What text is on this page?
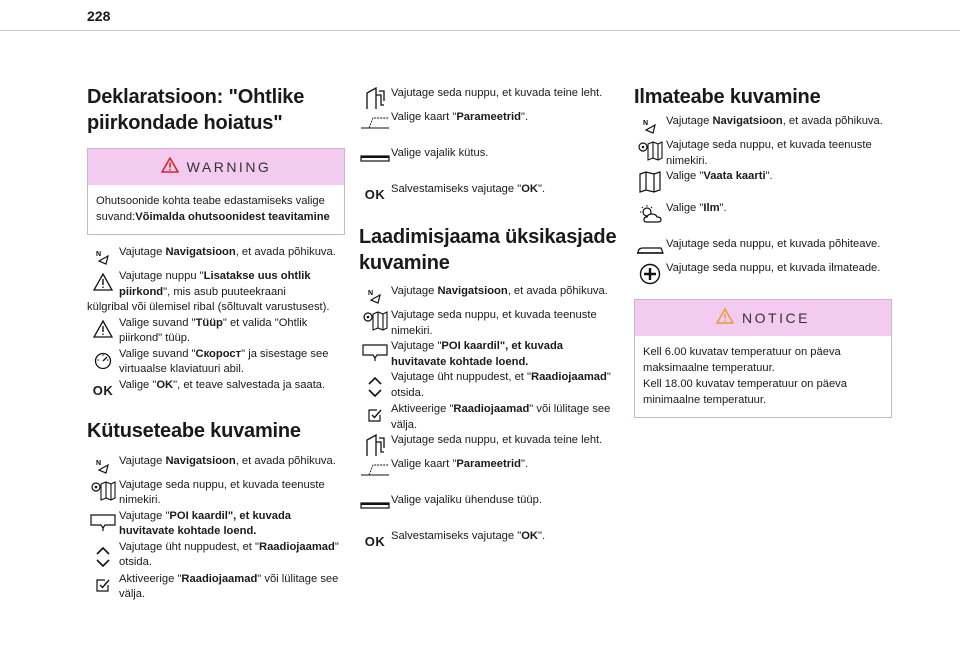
228
Deklaratsioon: "Ohtlike piirkondade hoiatus"
WARNING
Ohutsoonide kohta teabe edastamiseks valige suvand:Võimalda ohutsoonidest teavitamine
N Vajutage Navigatsioon, et avada põhikuva.
Vajutage nuppu "Lisatakse uus ohtlik piirkond", mis asub puuteekraani
külgribal või ülemisel ribal (sõltuvalt varustusest).
Valige suvand "Tüüp" et valida "Ohtlik piirkond" tüüp.
Valige suvand "Скорост" ja sisestage see virtuaalse klaviatuuri abil.
OK Valige "OK", et teave salvestada ja saata.
Kütuseteabe kuvamine
N Vajutage Navigatsioon, et avada põhikuva.
Vajutage seda nuppu, et kuvada teenuste nimekiri.
Vajutage "POI kaardil", et kuvada huvitavate kohtade loend.
Vajutage üht nuppudest, et "Raadiojaamad" otsida.
Aktiveerige "Raadiojaamad" või lülitage see välja.
Vajutage seda nuppu, et kuvada teine leht.
Valige kaart "Parameetrid".
Valige vajalik kütus.
OK Salvestamiseks vajutage "OK".
Laadimisjaama üksikasjade kuvamine
N Vajutage Navigatsioon, et avada põhikuva.
Vajutage seda nuppu, et kuvada teenuste nimekiri.
Vajutage "POI kaardil", et kuvada huvitavate kohtade loend.
Vajutage üht nuppudest, et "Raadiojaamad" otsida.
Aktiveerige "Raadiojaamad" või lülitage see välja.
Vajutage seda nuppu, et kuvada teine leht.
Valige kaart "Parameetrid".
Valige vajaliku ühenduse tüüp.
OK Salvestamiseks vajutage "OK".
Ilmateabe kuvamine
N Vajutage Navigatsioon, et avada põhikuva.
Vajutage seda nuppu, et kuvada teenuste nimekiri.
Valige "Vaata kaarti".
Valige "Ilm".
Vajutage seda nuppu, et kuvada põhiteave.
Vajutage seda nuppu, et kuvada ilmateade.
NOTICE
Kell 6.00 kuvatav temperatuur on päeva maksimaalne temperatuur.
Kell 18.00 kuvatav temperatuur on päeva minimaalne temperatuur.
